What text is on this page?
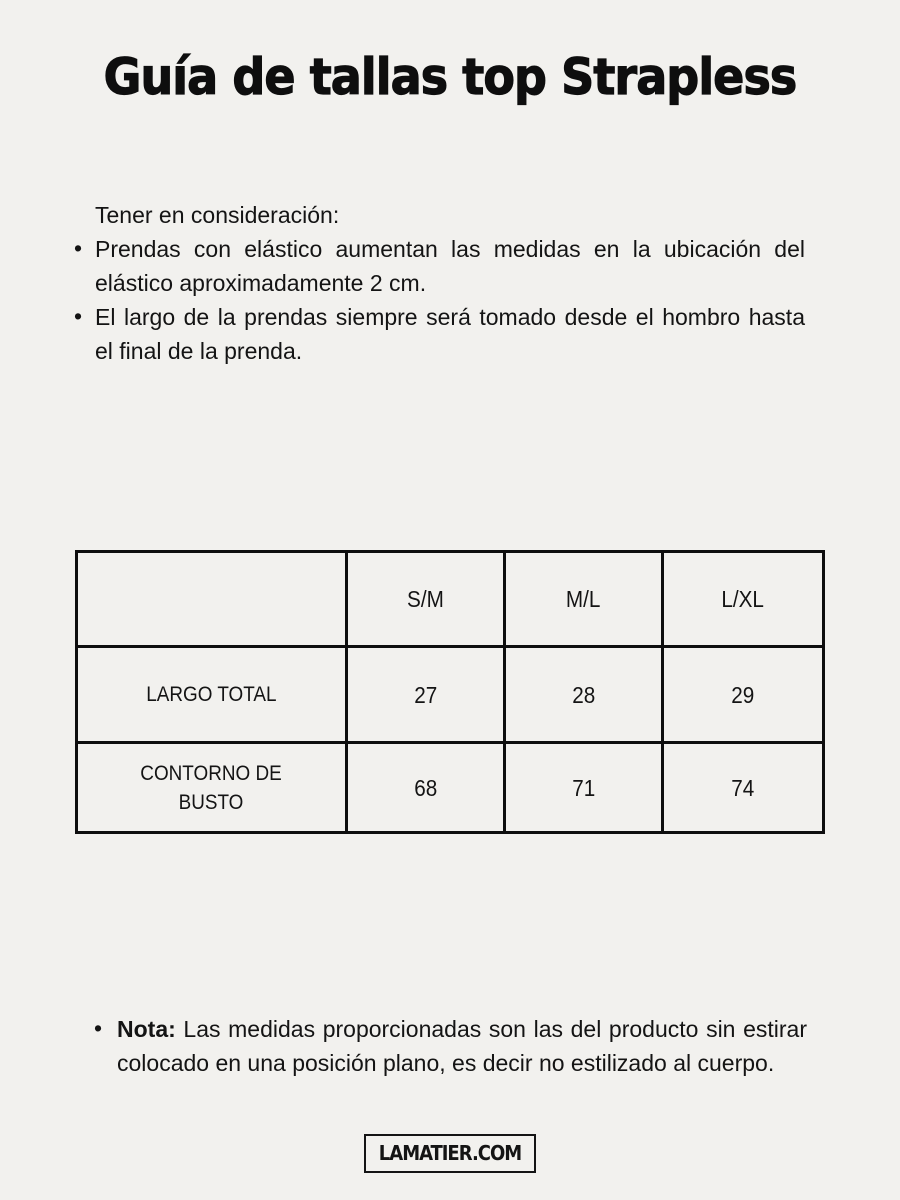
Guía de tallas top Strapless
Tener en consideración:
• Prendas con elástico aumentan las medidas en la ubicación del elástico aproximadamente 2 cm.
• El largo de la prendas siempre será tomado desde el hombro hasta el final de la prenda.
	S/M	M/L	L/XL
LARGO TOTAL	27	28	29
CONTORNO DE BUSTO	68	71	74
• Nota: Las medidas proporcionadas son las del producto sin estirar colocado en una posición plano, es decir no estilizado al cuerpo.
LAMATIER.COM
